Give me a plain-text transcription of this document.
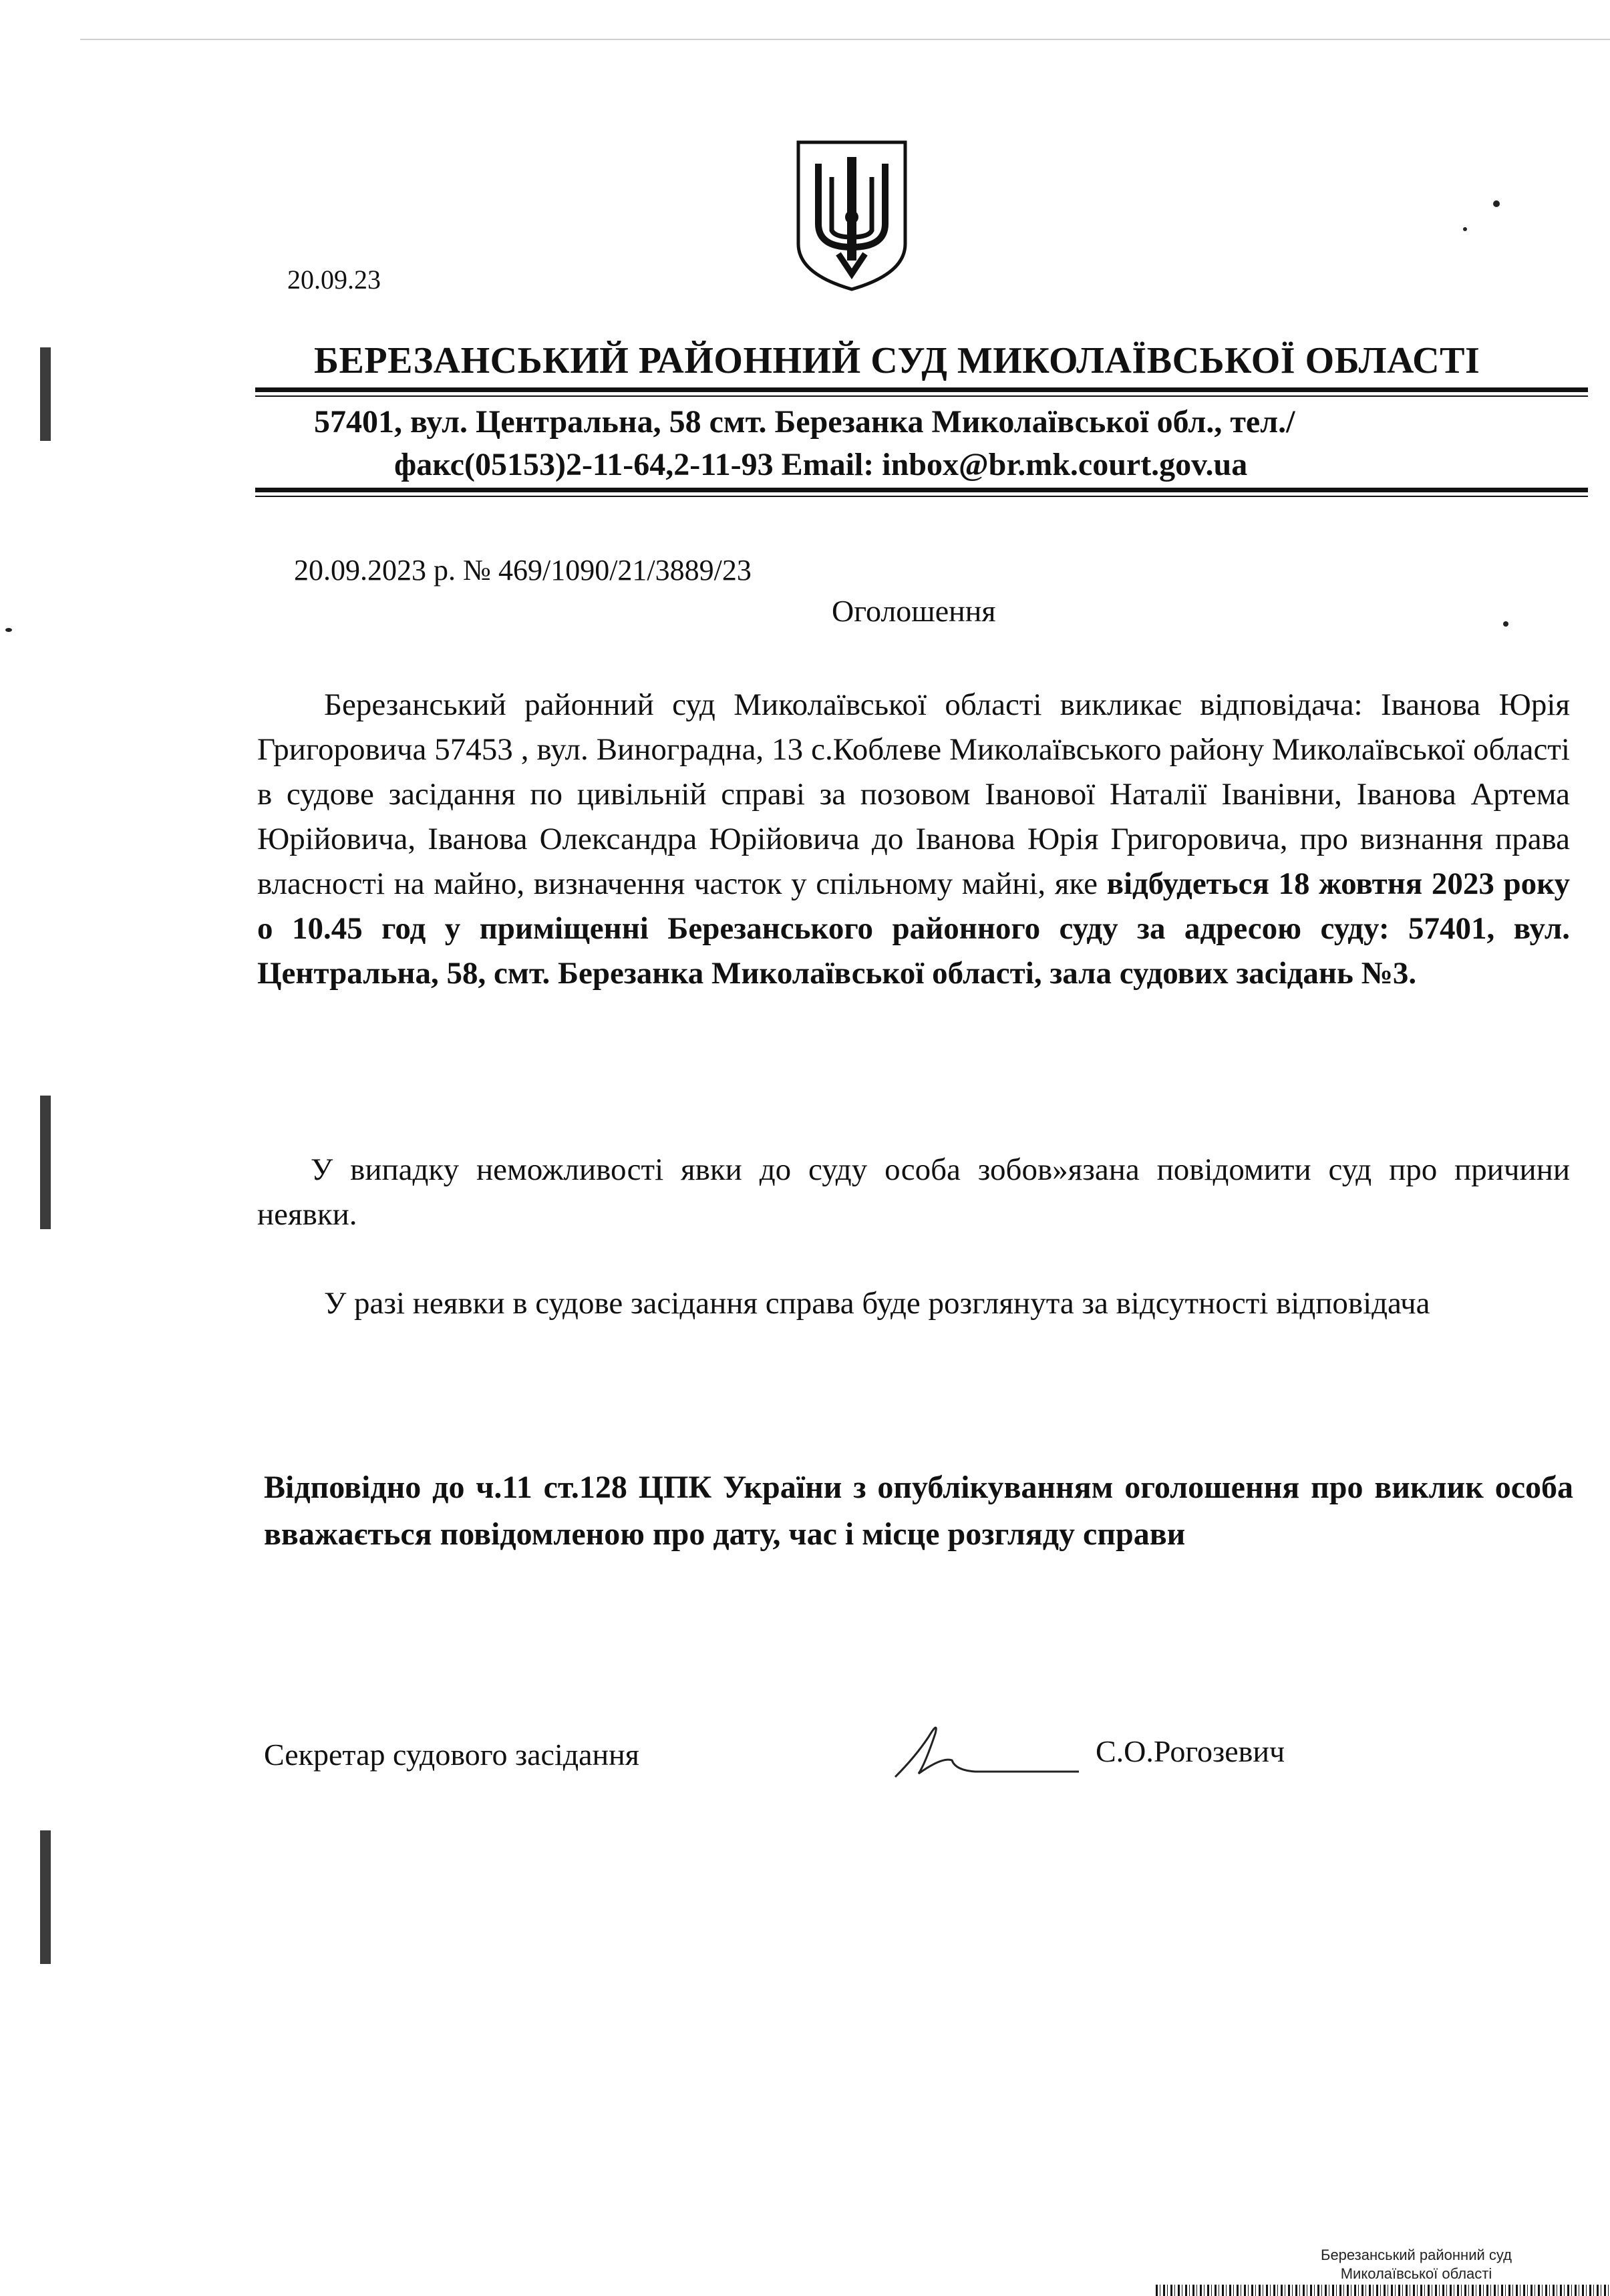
20.09.23
БЕРЕЗАНСЬКИЙ РАЙОННИЙ СУД МИКОЛАЇВСЬКОЇ ОБЛАСТІ
57401, вул. Центральна, 58 смт. Березанка Миколаївської обл., тел./
факс(05153)2-11-64,2-11-93 Email: inbox@br.mk.court.gov.ua
20.09.2023 р. № 469/1090/21/3889/23
Оголошення
Березанський районний суд Миколаївської області викликає відповідача: Іванова Юрія Григоровича 57453 , вул. Виноградна, 13 с.Коблеве Миколаївського району Миколаївської області в судове засідання по цивільній справі за позовом Іванової Наталії Іванівни, Іванова Артема Юрійовича, Іванова Олександра Юрійовича до Іванова Юрія Григоровича, про визнання права власності на майно, визначення часток у спільному майні, яке відбудеться 18 жовтня 2023 року о 10.45 год у приміщенні Березанського районного суду за адресою суду: 57401, вул. Центральна, 58, смт. Березанка Миколаївської області, зала судових засідань №3.
У випадку неможливості явки до суду особа зобов»язана повідомити суд про причини неявки.
У разі неявки в судове засідання справа буде розглянута за відсутності відповідача
Відповідно до ч.11 ст.128 ЦПК України з опублікуванням оголошення про виклик особа вважається повідомленою про дату, час і місце розгляду справи
Секретар судового засідання	С.О.Рогозевич
Березанський районний суд
Миколаївської області
